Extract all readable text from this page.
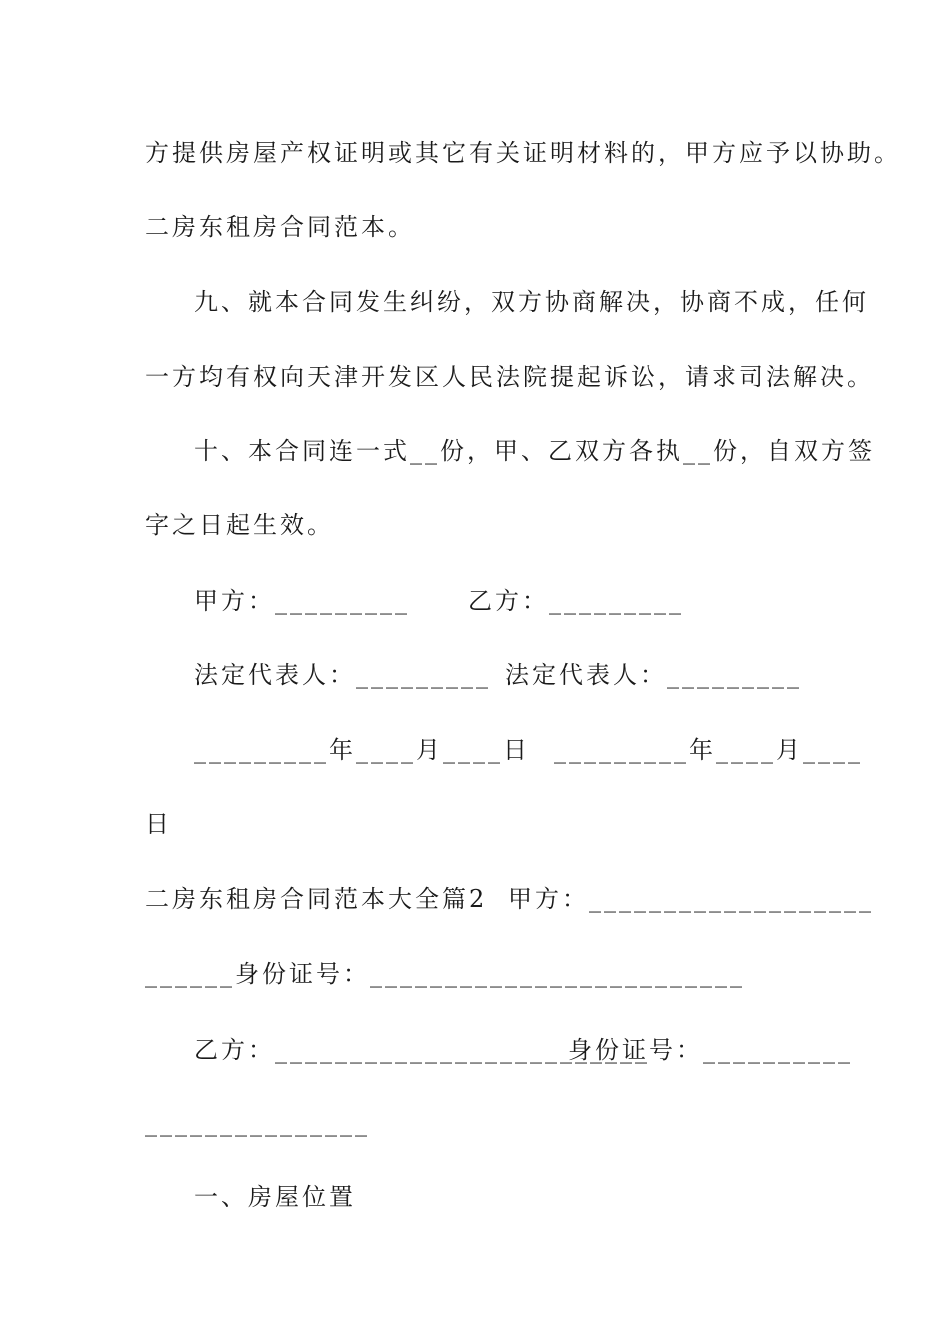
方提供房屋产权证明或其它有关证明材料的，甲方应予以协助。
二房东租房合同范本。
九、就本合同发生纠纷，双方协商解决，协商不成，任何
一方均有权向天津开发区人民法院提起诉讼，请求司法解决。
十、本合同连一式__份，甲、乙双方各执__份，自双方签
字之日起生效。
甲方：_________ 乙方：_________
法定代表人：_________ 法定代表人：_________
_________年____月____日 _________年____月____
日
二房东租房合同范本大全篇2 甲方：___________________
______身份证号：_________________________
乙方：_________________________
身份证号：__________
_______________
一、房屋位置
